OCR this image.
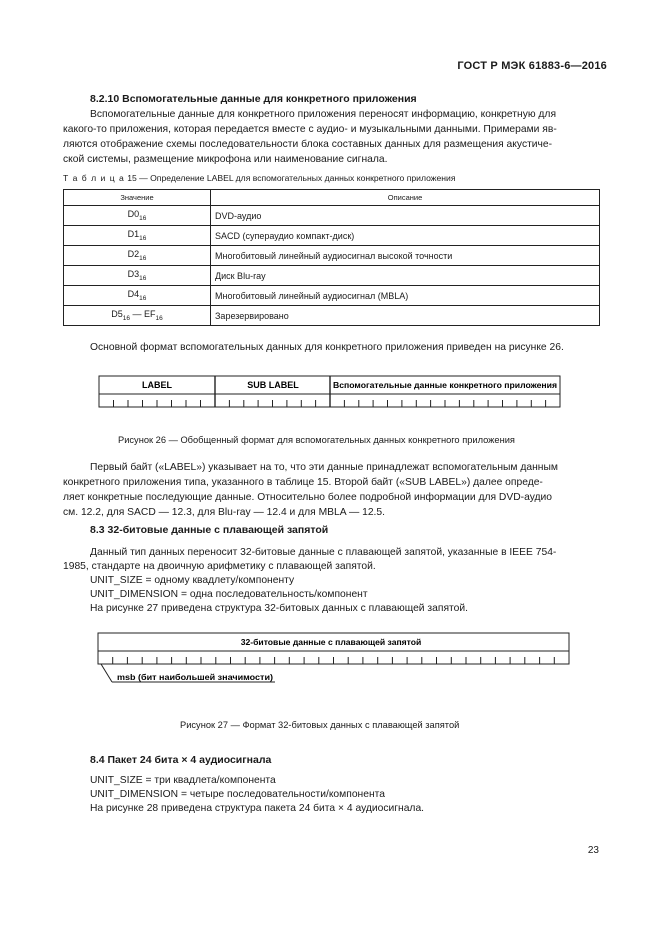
ГОСТ Р МЭК 61883-6—2016
8.2.10 Вспомогательные данные для конкретного приложения
Вспомогательные данные для конкретного приложения переносят информацию, конкретную для
какого-то приложения, которая передается вместе с аудио- и музыкальными данными. Примерами яв-
ляются отображение схемы последовательности блока составных данных для размещения акустиче-
ской системы, размещение микрофона или наименование сигнала.
Т а б л и ц а 15 — Определение LABEL для вспомогательных данных конкретного приложения
Значение	Описание
$D0_{16}$	DVD-аудио
$D1_{16}$	SACD (супераудио компакт-диск)
$D2_{16}$	Многобитовый линейный аудиосигнал высокой точности
$D3_{16}$	Диск Blu-ray
$D4_{16}$	Многобитовый линейный аудиосигнал (MBLA)
$D5_{16}$ — $EF_{16}$	Зарезервировано
Основной формат вспомогательных данных для конкретного приложения приведен на рисунке 26.
LABEL	SUB LABEL	Вспомогательные данные конкретного приложения
Рисунок 26 — Обобщенный формат для вспомогательных данных конкретного приложения
Первый байт («LABEL») указывает на то, что эти данные принадлежат вспомогательным данным
конкретного приложения типа, указанного в таблице 15. Второй байт («SUB LABEL») далее опреде-
ляет конкретные последующие данные. Относительно более подробной информации для DVD-аудио
см. 12.2, для SACD — 12.3, для Blu-ray — 12.4 и для MBLA — 12.5.
8.3 32-битовые данные с плавающей запятой
Данный тип данных переносит 32-битовые данные с плавающей запятой, указанные в IEEE 754-
1985, стандарте на двоичную арифметику с плавающей запятой.
UNIT_SIZE = одному квадлету/компоненту
UNIT_DIMENSION = одна последовательность/компонент
На рисунке 27 приведена структура 32-битовых данных с плавающей запятой.
32-битовые данные с плавающей запятой
msb (бит наибольшей значимости)
Рисунок 27 — Формат 32-битовых данных с плавающей запятой
8.4 Пакет 24 бита × 4 аудиосигнала
UNIT_SIZE = три квадлета/компонента
UNIT_DIMENSION = четыре последовательности/компонента
На рисунке 28 приведена структура пакета 24 бита × 4 аудиосигнала.
23
